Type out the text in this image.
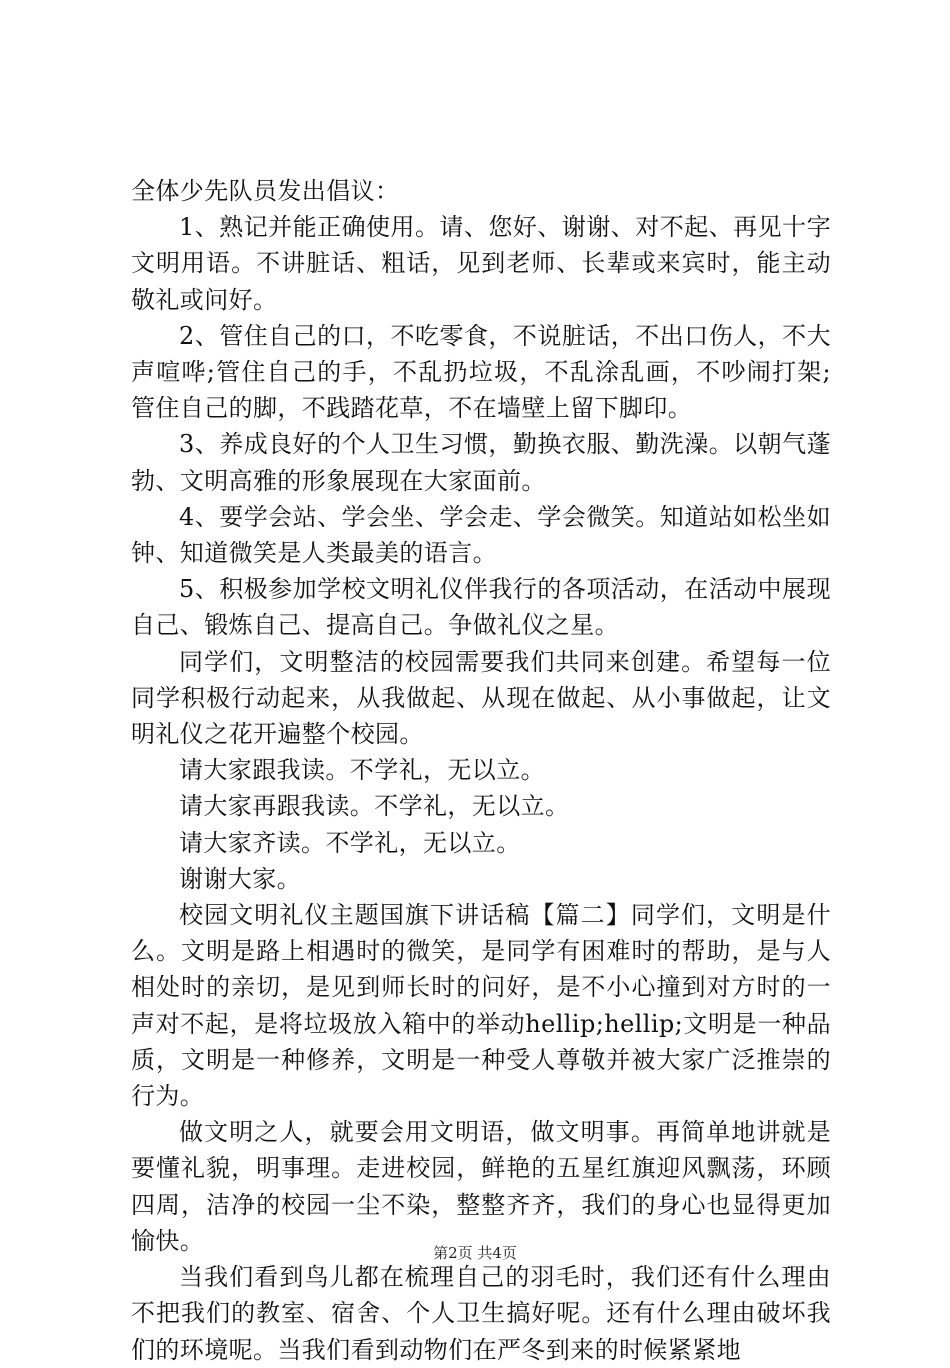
全体少先队员发出倡议：

1、熟记并能正确使用。请、您好、谢谢、对不起、再见十字文明用语。不讲脏话、粗话，见到老师、长辈或来宾时，能主动敬礼或问好。

2、管住自己的口，不吃零食，不说脏话，不出口伤人，不大声喧哗;管住自己的手，不乱扔垃圾，不乱涂乱画，不吵闹打架;管住自己的脚，不践踏花草，不在墙壁上留下脚印。

3、养成良好的个人卫生习惯，勤换衣服、勤洗澡。以朝气蓬勃、文明高雅的形象展现在大家面前。

4、要学会站、学会坐、学会走、学会微笑。知道站如松坐如钟、知道微笑是人类最美的语言。

5、积极参加学校文明礼仪伴我行的各项活动，在活动中展现自己、锻炼自己、提高自己。争做礼仪之星。

同学们，文明整洁的校园需要我们共同来创建。希望每一位同学积极行动起来，从我做起、从现在做起、从小事做起，让文明礼仪之花开遍整个校园。

请大家跟我读。不学礼，无以立。

请大家再跟我读。不学礼，无以立。

请大家齐读。不学礼，无以立。

谢谢大家。

校园文明礼仪主题国旗下讲话稿【篇二】同学们，文明是什么。文明是路上相遇时的微笑，是同学有困难时的帮助，是与人相处时的亲切，是见到师长时的问好，是不小心撞到对方时的一声对不起，是将垃圾放入箱中的举动hellip;hellip;文明是一种品质，文明是一种修养，文明是一种受人尊敬并被大家广泛推崇的行为。

做文明之人，就要会用文明语，做文明事。再简单地讲就是要懂礼貌，明事理。走进校园，鲜艳的五星红旗迎风飘荡，环顾四周，洁净的校园一尘不染，整整齐齐，我们的身心也显得更加愉快。

当我们看到鸟儿都在梳理自己的羽毛时，我们还有什么理由不把我们的教室、宿舍、个人卫生搞好呢。还有什么理由破坏我们的环境呢。当我们看到动物们在严冬到来的时候紧紧地

第2页 共4页
